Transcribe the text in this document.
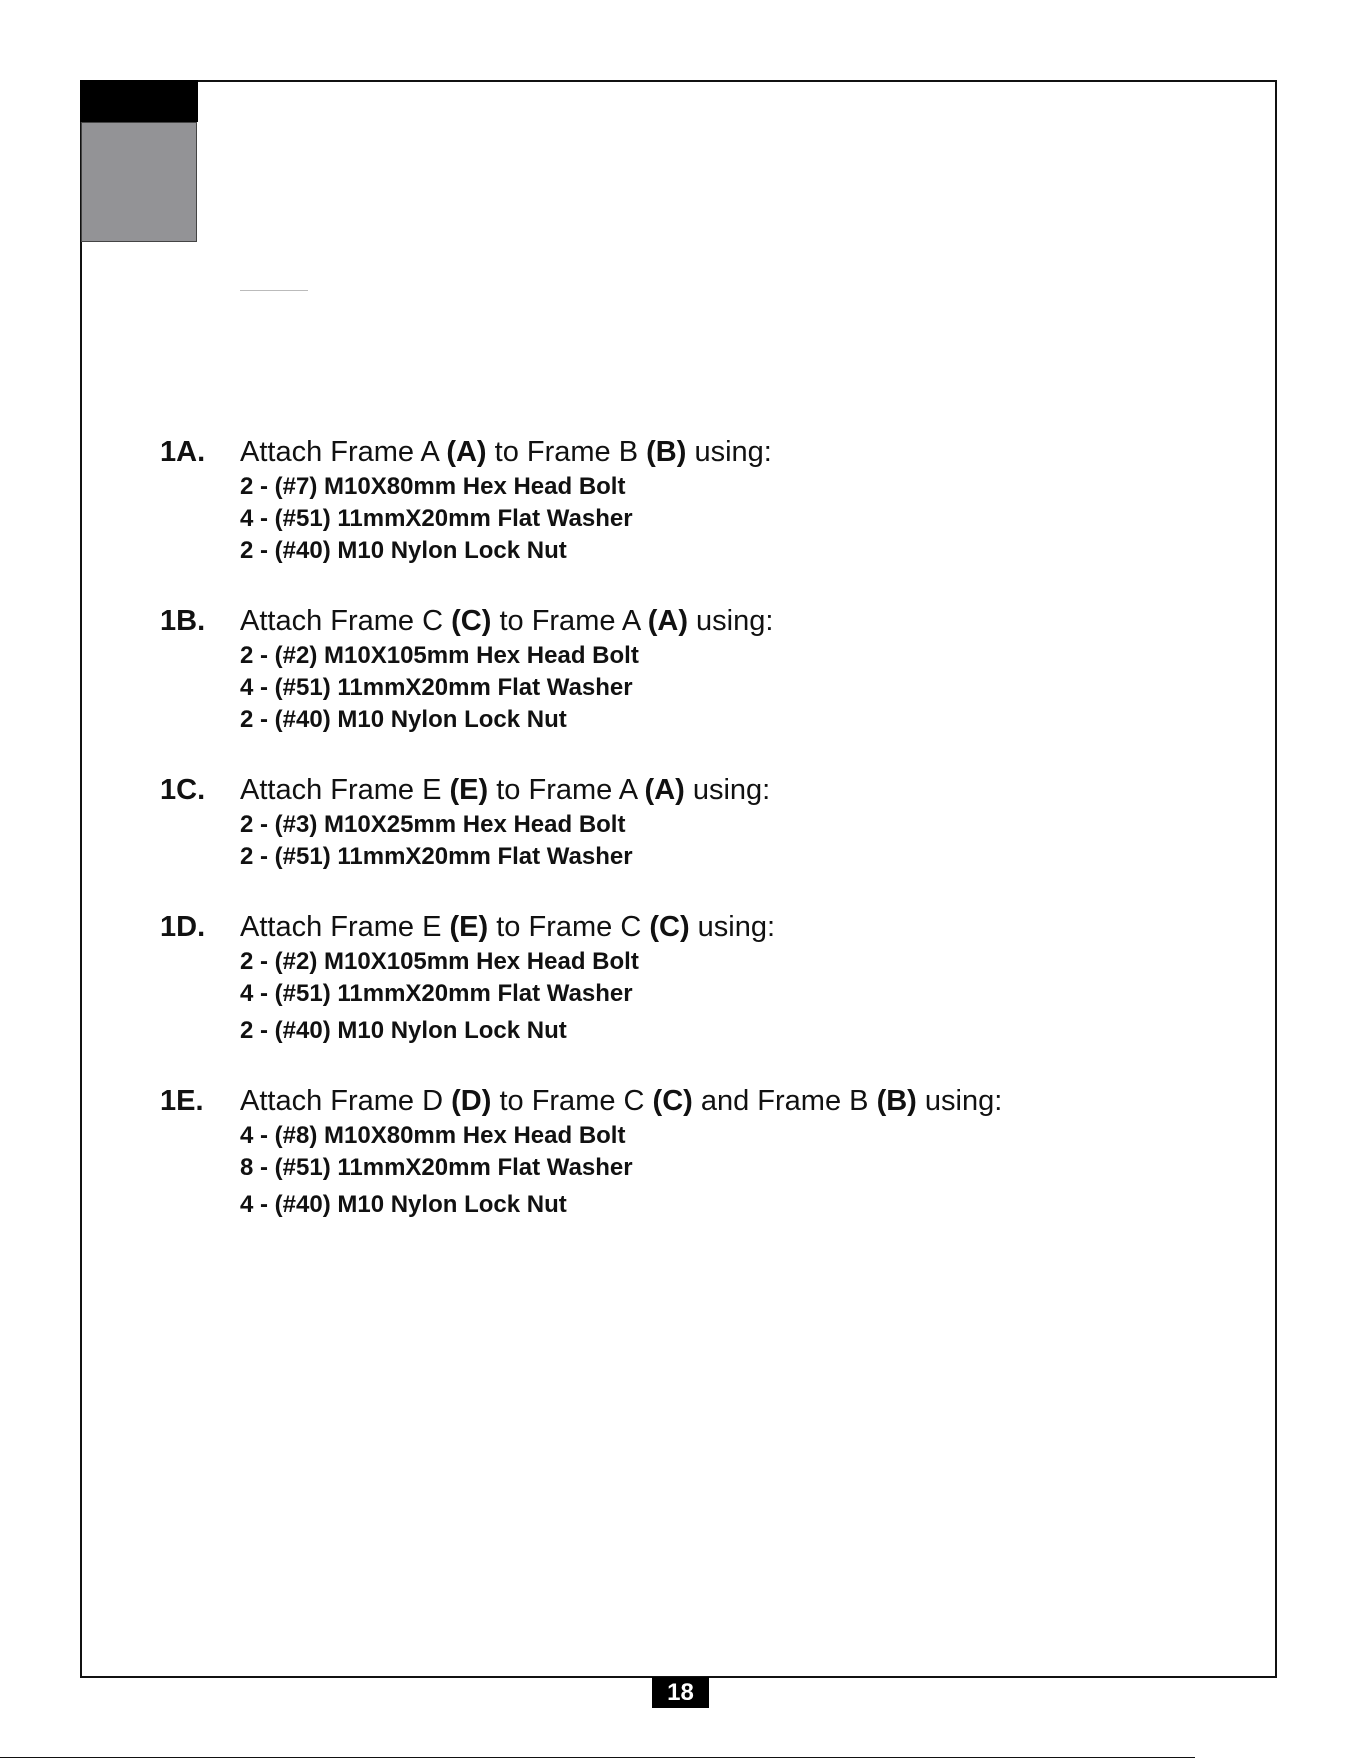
1A. Attach Frame A (A) to Frame B (B) using:
2 - (#7) M10X80mm Hex Head Bolt
4 - (#51) 11mmX20mm Flat Washer
2 - (#40) M10 Nylon Lock Nut
1B. Attach Frame C (C) to Frame A (A) using:
2 - (#2) M10X105mm Hex Head Bolt
4 - (#51) 11mmX20mm Flat Washer
2 - (#40) M10 Nylon Lock Nut
1C. Attach Frame E (E) to Frame A (A) using:
2 - (#3) M10X25mm Hex Head Bolt
2 - (#51) 11mmX20mm Flat Washer
1D. Attach Frame E (E) to Frame C (C) using:
2 - (#2) M10X105mm Hex Head Bolt
4 - (#51) 11mmX20mm Flat Washer
2 - (#40) M10 Nylon Lock Nut
1E. Attach Frame D (D) to Frame C (C) and Frame B (B) using:
4 - (#8) M10X80mm Hex Head Bolt
8 - (#51) 11mmX20mm Flat Washer
4 - (#40) M10 Nylon Lock Nut
18
